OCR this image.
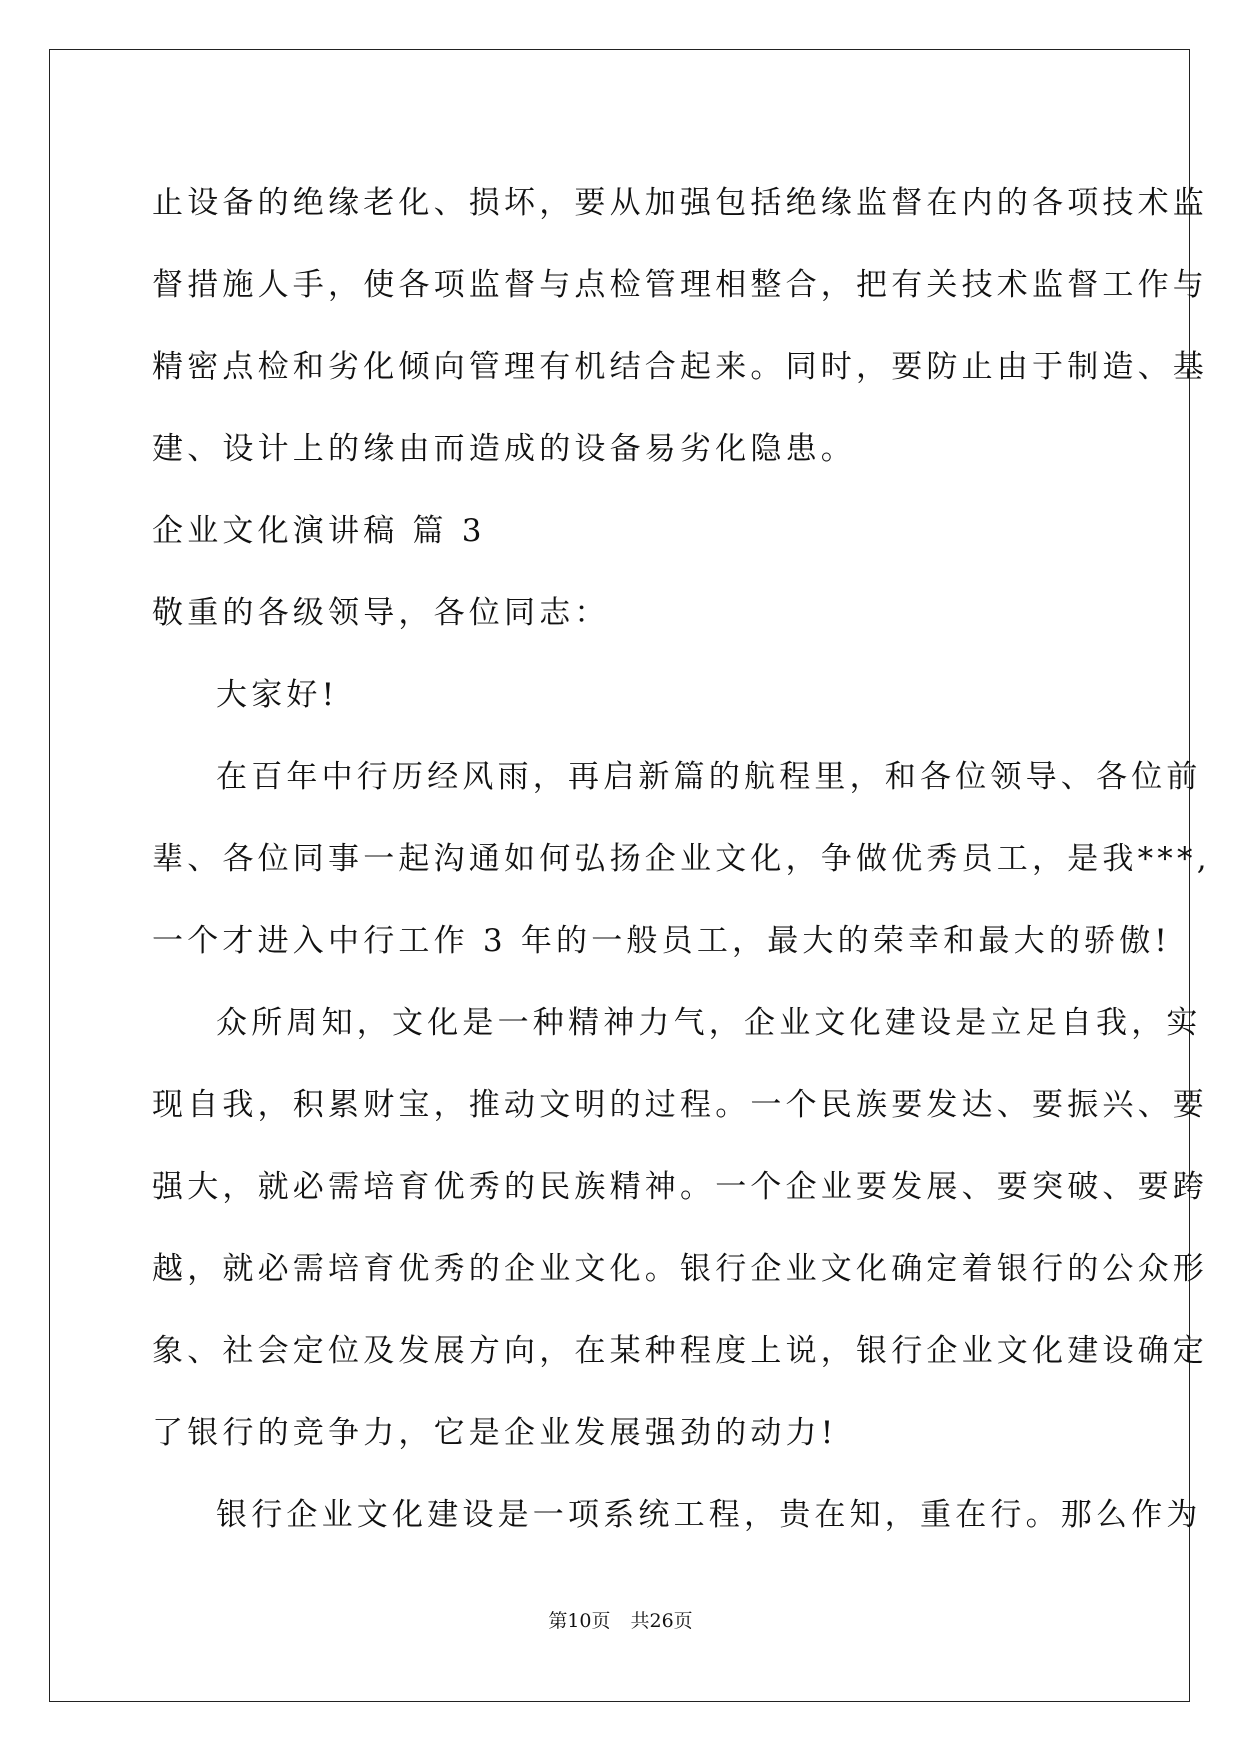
止设备的绝缘老化、损坏，要从加强包括绝缘监督在内的各项技术监
督措施人手，使各项监督与点检管理相整合，把有关技术监督工作与
精密点检和劣化倾向管理有机结合起来。同时，要防止由于制造、基
建、设计上的缘由而造成的设备易劣化隐患。
企业文化演讲稿 篇 3
敬重的各级领导，各位同志：
大家好!
在百年中行历经风雨，再启新篇的航程里，和各位领导、各位前
辈、各位同事一起沟通如何弘扬企业文化，争做优秀员工，是我***,
一个才进入中行工作 3 年的一般员工，最大的荣幸和最大的骄傲!
众所周知，文化是一种精神力气，企业文化建设是立足自我，实
现自我，积累财宝，推动文明的过程。一个民族要发达、要振兴、要
强大，就必需培育优秀的民族精神。一个企业要发展、要突破、要跨
越，就必需培育优秀的企业文化。银行企业文化确定着银行的公众形
象、社会定位及发展方向，在某种程度上说，银行企业文化建设确定
了银行的竞争力，它是企业发展强劲的动力!
银行企业文化建设是一项系统工程，贵在知，重在行。那么作为
第10页 共26页
